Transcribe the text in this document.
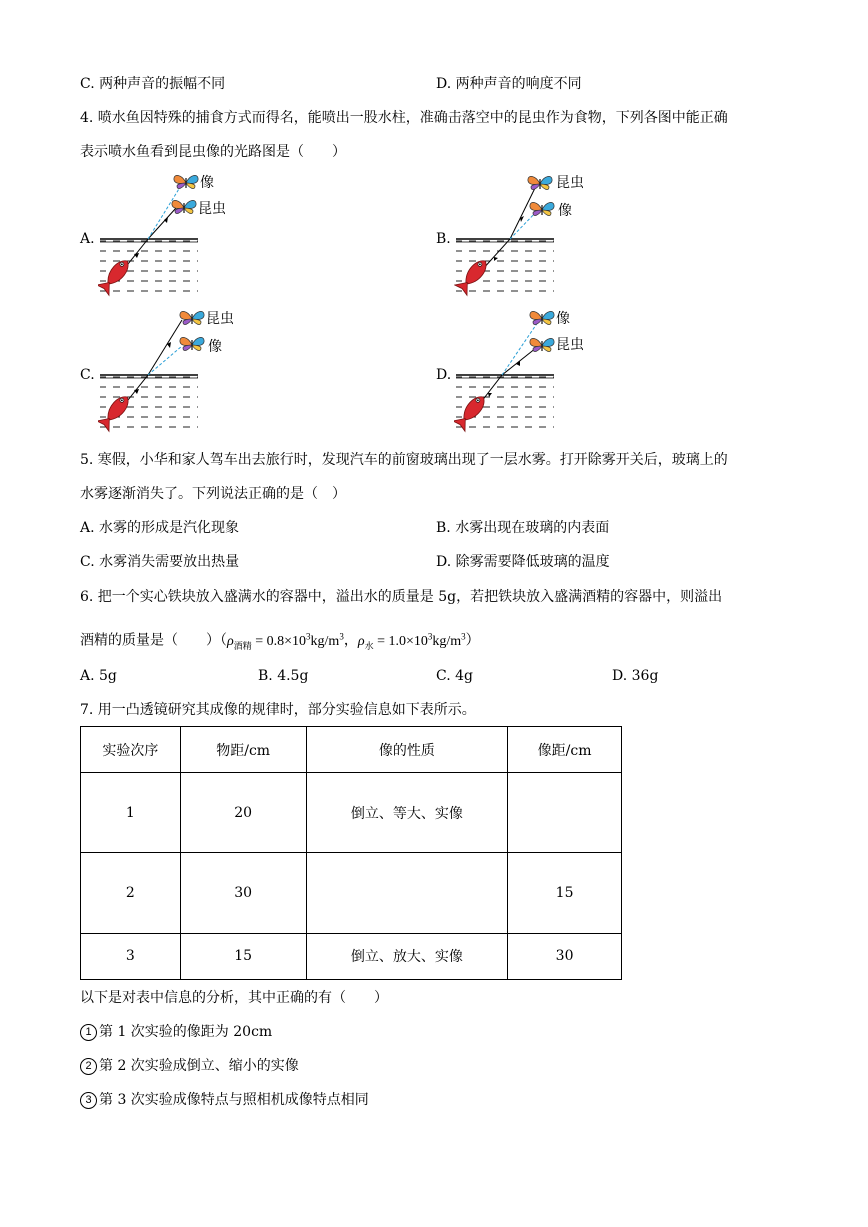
C. 两种声音的振幅不同	D. 两种声音的响度不同
4. 喷水鱼因特殊的捕食方式而得名，能喷出一股水柱，准确击落空中的昆虫作为食物，下列各图中能正确
表示喷水鱼看到昆虫像的光路图是（　　）
A.
像
昆虫
B.
昆虫
像
C.
昆虫
像
D.
像
昆虫
5. 寒假，小华和家人驾车出去旅行时，发现汽车的前窗玻璃出现了一层水雾。打开除雾开关后，玻璃上的
水雾逐渐消失了。下列说法正确的是（　）
A. 水雾的形成是汽化现象	B. 水雾出现在玻璃的内表面
C. 水雾消失需要放出热量	D. 除雾需要降低玻璃的温度
6. 把一个实心铁块放入盛满水的容器中，溢出水的质量是 5g，若把铁块放入盛满酒精的容器中，则溢出
酒精的质量是（　　）（$\rho_{酒精} = 0.8\times 10^3kg/m^3$，$\rho_水 = 1.0\times 10^3kg/m^3$）
A. 5g	B. 4.5g	C. 4g	D. 36g
7. 用一凸透镜研究其成像的规律时，部分实验信息如下表所示。
实验次序	物距/cm	像的性质	像距/cm
1	20	倒立、等大、实像	
2	30		15
3	15	倒立、放大、实像	30
以下是对表中信息的分析，其中正确的有（　　）
1 第 1 次实验的像距为 20cm
2 第 2 次实验成倒立、缩小的实像
3 第 3 次实验成像特点与照相机成像特点相同
